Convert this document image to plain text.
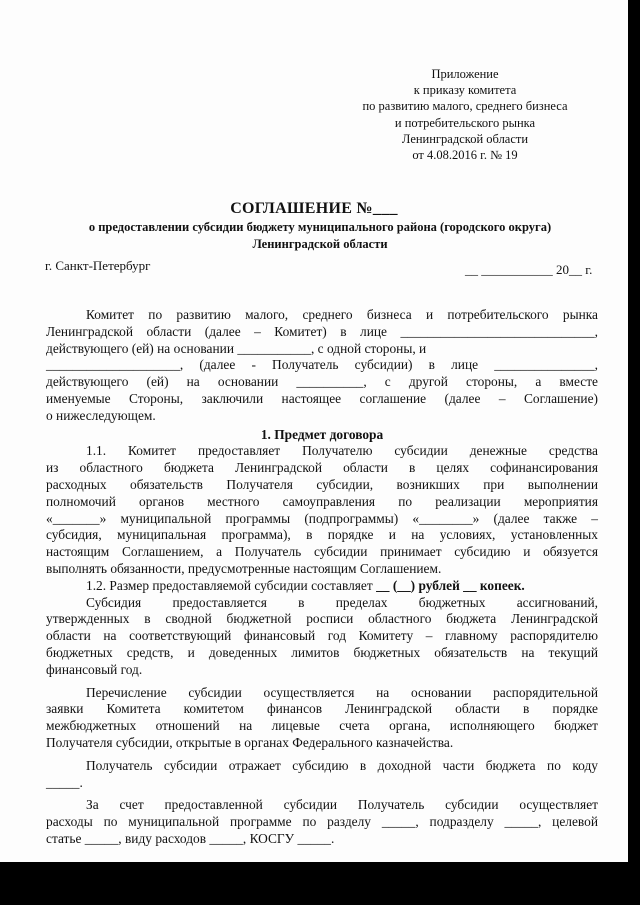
Приложение
к приказу комитета
по развитию малого, среднего бизнеса
и потребительского рынка
Ленинградской области
от 4.08.2016 г. № 19
СОГЛАШЕНИЕ №___
о предоставлении субсидии бюджету муниципального района (городского округа)
Ленинградской области
г. Санкт-Петербург	__ ___________ 20__ г.
Комитет по развитию малого, среднего бизнеса и потребительского рынка
Ленинградской области (далее – Комитет) в лице _____________________________,
действующего (ей) на основании ___________, с одной стороны, и
____________________, (далее - Получатель субсидии) в лице _______________,
действующего (ей) на основании __________, с другой стороны, а вместе
именуемые Стороны, заключили настоящее соглашение (далее – Соглашение)
о нижеследующем.
1. Предмет договора
1.1. Комитет предоставляет Получателю субсидии денежные средства
из областного бюджета Ленинградской области в целях софинансирования
расходных обязательств Получателя субсидии, возникших при выполнении
полномочий органов местного самоуправления по реализации мероприятия
«_______» муниципальной программы (подпрограммы) «________» (далее также –
субсидия, муниципальная программа), в порядке и на условиях, установленных
настоящим Соглашением, а Получатель субсидии принимает субсидию и обязуется
выполнять обязанности, предусмотренные настоящим Соглашением.
1.2. Размер предоставляемой субсидии составляет __ (__) рублей __ копеек.
Субсидия предоставляется в пределах бюджетных ассигнований,
утвержденных в сводной бюджетной росписи областного бюджета Ленинградской
области на соответствующий финансовый год Комитету – главному распорядителю
бюджетных средств, и доведенных лимитов бюджетных обязательств на текущий
финансовый год.
Перечисление субсидии осуществляется на основании распорядительной
заявки Комитета комитетом финансов Ленинградской области в порядке
межбюджетных отношений на лицевые счета органа, исполняющего бюджет
Получателя субсидии, открытые в органах Федерального казначейства.
Получатель субсидии отражает субсидию в доходной части бюджета по коду
_____.
За счет предоставленной субсидии Получатель субсидии осуществляет
расходы по муниципальной программе по разделу _____, подразделу _____, целевой
статье _____, виду расходов _____, КОСГУ _____.
